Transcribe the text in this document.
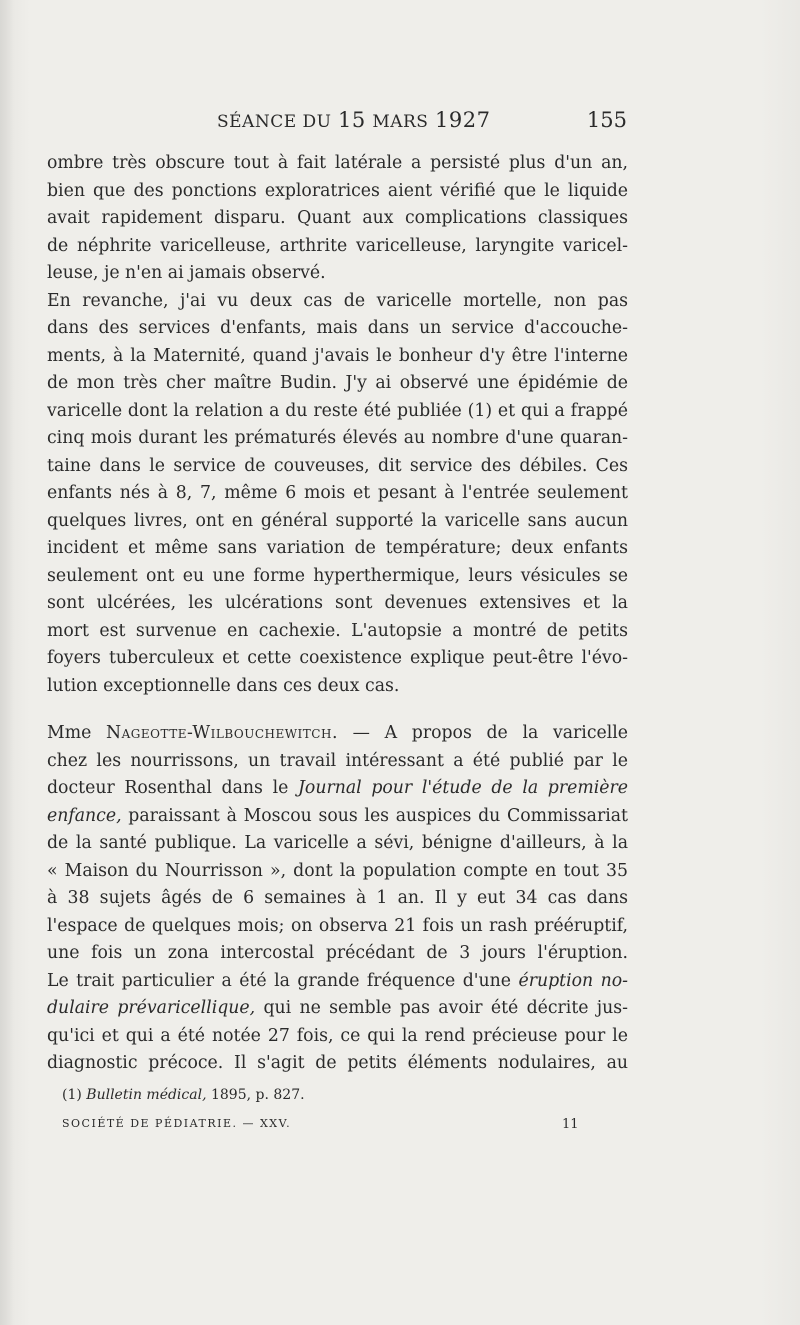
SÉANCE DU 15 MARS 1927	155
ombre très obscure tout à fait latérale a persisté plus d'un an,
bien que des ponctions exploratrices aient vérifié que le liquide
avait rapidement disparu. Quant aux complications classiques
de néphrite varicelleuse, arthrite varicelleuse, laryngite varicel-
leuse, je n'en ai jamais observé.
En revanche, j'ai vu deux cas de varicelle mortelle, non pas
dans des services d'enfants, mais dans un service d'accouche-
ments, à la Maternité, quand j'avais le bonheur d'y être l'interne
de mon très cher maître Budin. J'y ai observé une épidémie de
varicelle dont la relation a du reste été publiée (1) et qui a frappé
cinq mois durant les prématurés élevés au nombre d'une quaran-
taine dans le service de couveuses, dit service des débiles. Ces
enfants nés à 8, 7, même 6 mois et pesant à l'entrée seulement
quelques livres, ont en général supporté la varicelle sans aucun
incident et même sans variation de température; deux enfants
seulement ont eu une forme hyperthermique, leurs vésicules se
sont ulcérées, les ulcérations sont devenues extensives et la
mort est survenue en cachexie. L'autopsie a montré de petits
foyers tuberculeux et cette coexistence explique peut-être l'évo-
lution exceptionnelle dans ces deux cas.
Mme Nageotte-Wilbouchewitch. — A propos de la varicelle
chez les nourrissons, un travail intéressant a été publié par le
docteur Rosenthal dans le Journal pour l'étude de la première
enfance, paraissant à Moscou sous les auspices du Commissariat
de la santé publique. La varicelle a sévi, bénigne d'ailleurs, à la
« Maison du Nourrisson », dont la population compte en tout 35
à 38 sujets âgés de 6 semaines à 1 an. Il y eut 34 cas dans
l'espace de quelques mois; on observa 21 fois un rash prééruptif,
une fois un zona intercostal précédant de 3 jours l'éruption.
Le trait particulier a été la grande fréquence d'une éruption no-
dulaire prévaricellique, qui ne semble pas avoir été décrite jus-
qu'ici et qui a été notée 27 fois, ce qui la rend précieuse pour le
diagnostic précoce. Il s'agit de petits éléments nodulaires, au
(1) Bulletin médical, 1895, p. 827.
SOCIÉTÉ DE PÉDIATRIE. — XXV.	11
